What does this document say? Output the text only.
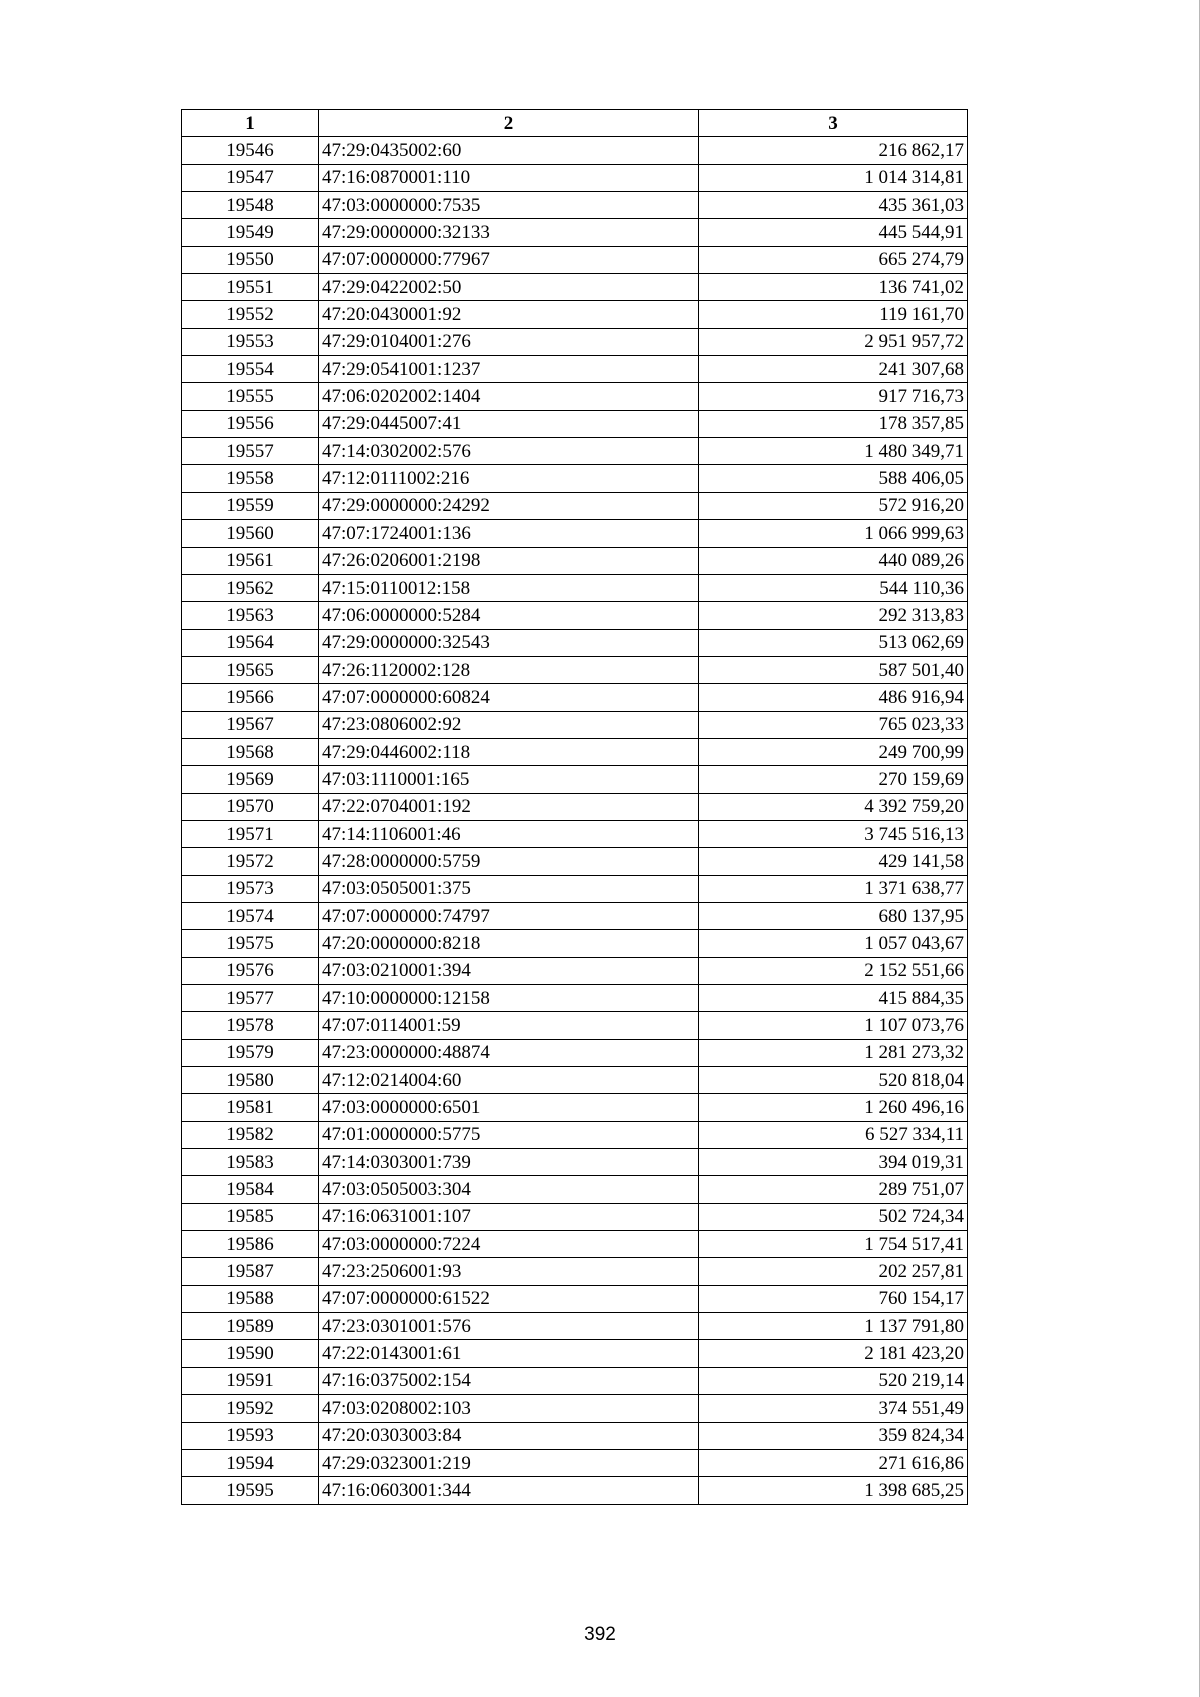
1	2	3
19546	47:29:0435002:60	216 862,17
19547	47:16:0870001:110	1 014 314,81
19548	47:03:0000000:7535	435 361,03
19549	47:29:0000000:32133	445 544,91
19550	47:07:0000000:77967	665 274,79
19551	47:29:0422002:50	136 741,02
19552	47:20:0430001:92	119 161,70
19553	47:29:0104001:276	2 951 957,72
19554	47:29:0541001:1237	241 307,68
19555	47:06:0202002:1404	917 716,73
19556	47:29:0445007:41	178 357,85
19557	47:14:0302002:576	1 480 349,71
19558	47:12:0111002:216	588 406,05
19559	47:29:0000000:24292	572 916,20
19560	47:07:1724001:136	1 066 999,63
19561	47:26:0206001:2198	440 089,26
19562	47:15:0110012:158	544 110,36
19563	47:06:0000000:5284	292 313,83
19564	47:29:0000000:32543	513 062,69
19565	47:26:1120002:128	587 501,40
19566	47:07:0000000:60824	486 916,94
19567	47:23:0806002:92	765 023,33
19568	47:29:0446002:118	249 700,99
19569	47:03:1110001:165	270 159,69
19570	47:22:0704001:192	4 392 759,20
19571	47:14:1106001:46	3 745 516,13
19572	47:28:0000000:5759	429 141,58
19573	47:03:0505001:375	1 371 638,77
19574	47:07:0000000:74797	680 137,95
19575	47:20:0000000:8218	1 057 043,67
19576	47:03:0210001:394	2 152 551,66
19577	47:10:0000000:12158	415 884,35
19578	47:07:0114001:59	1 107 073,76
19579	47:23:0000000:48874	1 281 273,32
19580	47:12:0214004:60	520 818,04
19581	47:03:0000000:6501	1 260 496,16
19582	47:01:0000000:5775	6 527 334,11
19583	47:14:0303001:739	394 019,31
19584	47:03:0505003:304	289 751,07
19585	47:16:0631001:107	502 724,34
19586	47:03:0000000:7224	1 754 517,41
19587	47:23:2506001:93	202 257,81
19588	47:07:0000000:61522	760 154,17
19589	47:23:0301001:576	1 137 791,80
19590	47:22:0143001:61	2 181 423,20
19591	47:16:0375002:154	520 219,14
19592	47:03:0208002:103	374 551,49
19593	47:20:0303003:84	359 824,34
19594	47:29:0323001:219	271 616,86
19595	47:16:0603001:344	1 398 685,25
392
